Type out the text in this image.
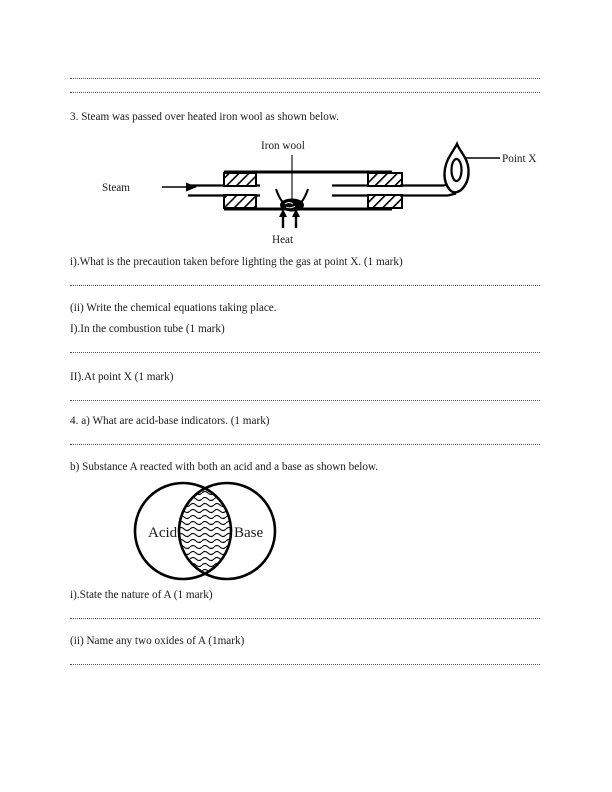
3. Steam was passed over heated iron wool as shown below.
Steam
Iron wool
Heat
Point X
i).What is the precaution taken before lighting the gas at point X. (1 mark)
(ii) Write the chemical equations taking place.
I).In the combustion tube (1 mark)
II).At point X (1 mark)
4. a) What are acid-base indicators. (1 mark)
b) Substance A reacted with both an acid and a base as shown below.
Acid	Base
i).State the nature of A (1 mark)
(ii) Name any two oxides of A (1mark)
